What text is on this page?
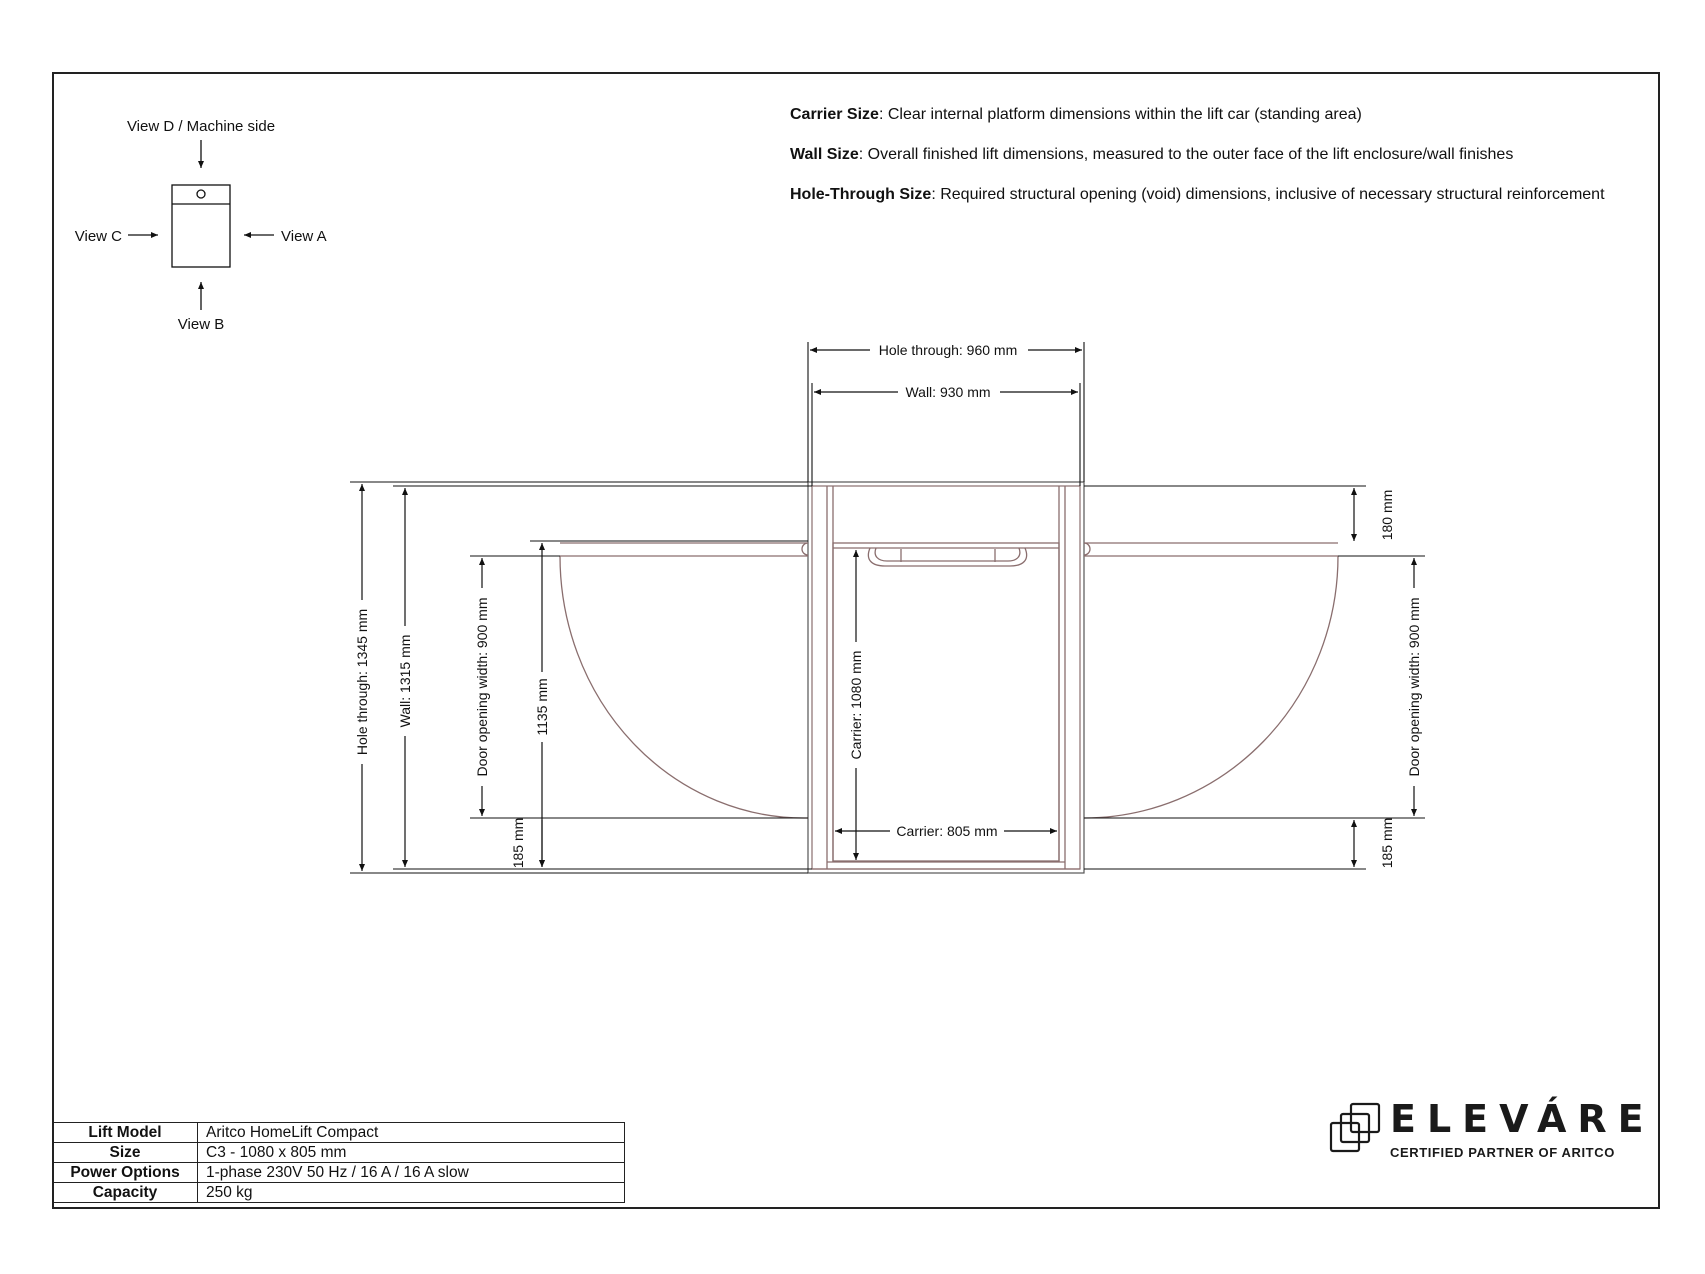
View D / Machine side
View C	View A
View B
Hole through: 960 mm
Wall: 930 mm
Carrier: 805 mm
Hole through: 1345 mm Wall: 1315 mm	Door opening width: 900 mm	1135 mm
185 mm
Carrier: 1080 mm
180 mm
Door opening width: 900 mm
185 mm
Carrier Size: Clear internal platform dimensions within the lift car (standing area)
Wall Size: Overall finished lift dimensions, measured to the outer face of the lift enclosure/wall finishes
Hole-Through Size: Required structural opening (void) dimensions, inclusive of necessary structural reinforcement
Lift Model	Aritco HomeLift Compact
Size	C3 - 1080 x 805 mm
Power Options	1-phase 230V 50 Hz / 16 A / 16 A slow
Capacity	250 kg
ELEVÁRE
CERTIFIED PARTNER OF ARITCO
